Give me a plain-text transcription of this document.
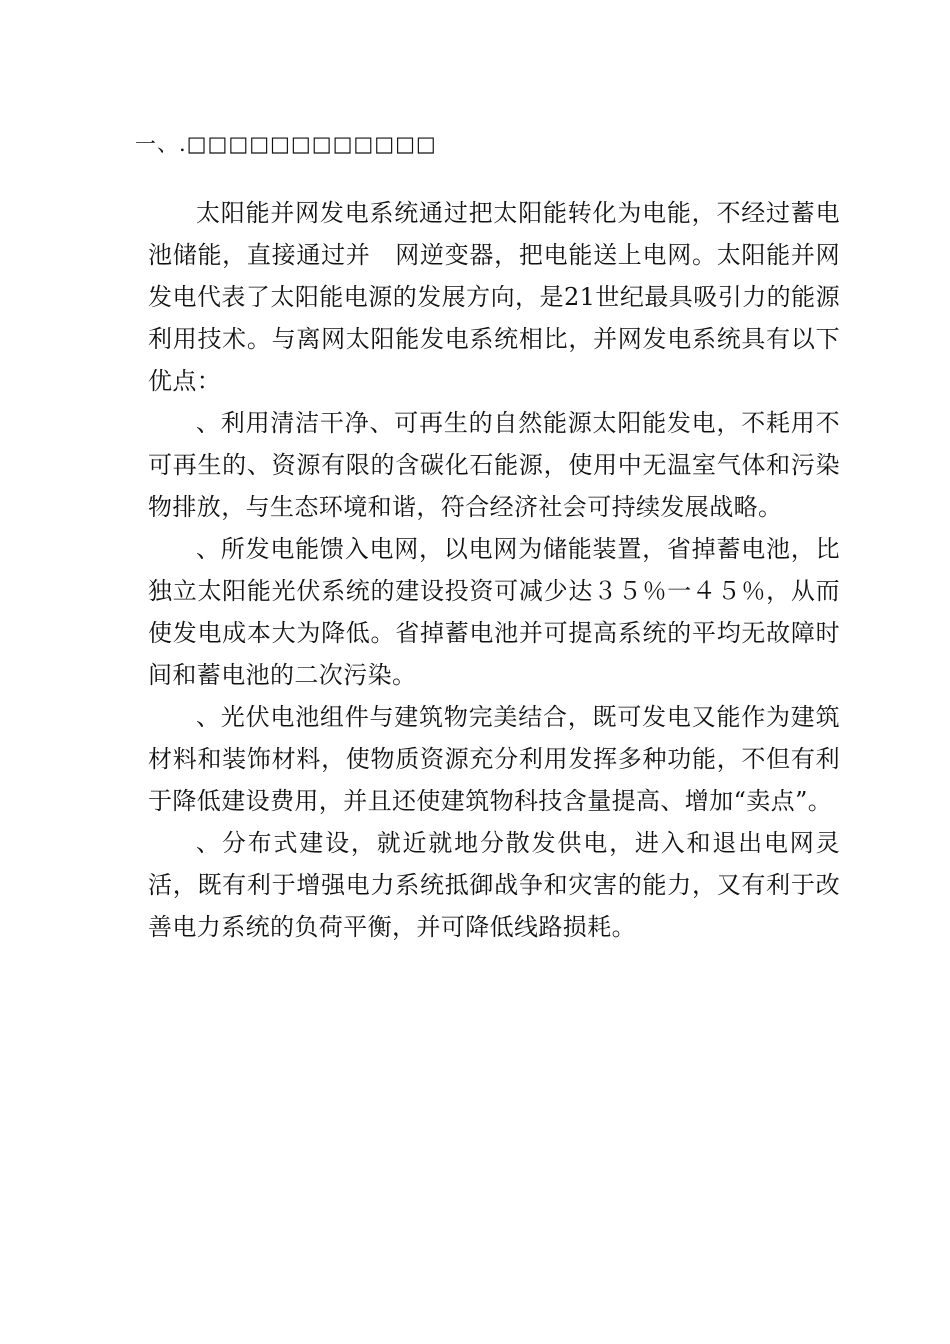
一、.□□□□□□□□□□□□

太阳能并网发电系统通过把太阳能转化为电能，不经过蓄电池储能，直接通过并　网逆变器，把电能送上电网。太阳能并网发电代表了太阳能电源的发展方向，是21世纪最具吸引力的能源利用技术。与离网太阳能发电系统相比，并网发电系统具有以下优点：

、利用清洁干净、可再生的自然能源太阳能发电，不耗用不可再生的、资源有限的含碳化石能源，使用中无温室气体和污染物排放，与生态环境和谐，符合经济社会可持续发展战略。

、所发电能馈入电网，以电网为储能装置，省掉蓄电池，比独立太阳能光伏系统的建设投资可减少达３５％一４５％，从而使发电成本大为降低。省掉蓄电池并可提高系统的平均无故障时间和蓄电池的二次污染。

、光伏电池组件与建筑物完美结合，既可发电又能作为建筑材料和装饰材料，使物质资源充分利用发挥多种功能，不但有利于降低建设费用，并且还使建筑物科技含量提高、增加“卖点”。

、分布式建设，就近就地分散发供电，进入和退出电网灵活，既有利于增强电力系统抵御战争和灾害的能力，又有利于改善电力系统的负荷平衡，并可降低线路损耗。
